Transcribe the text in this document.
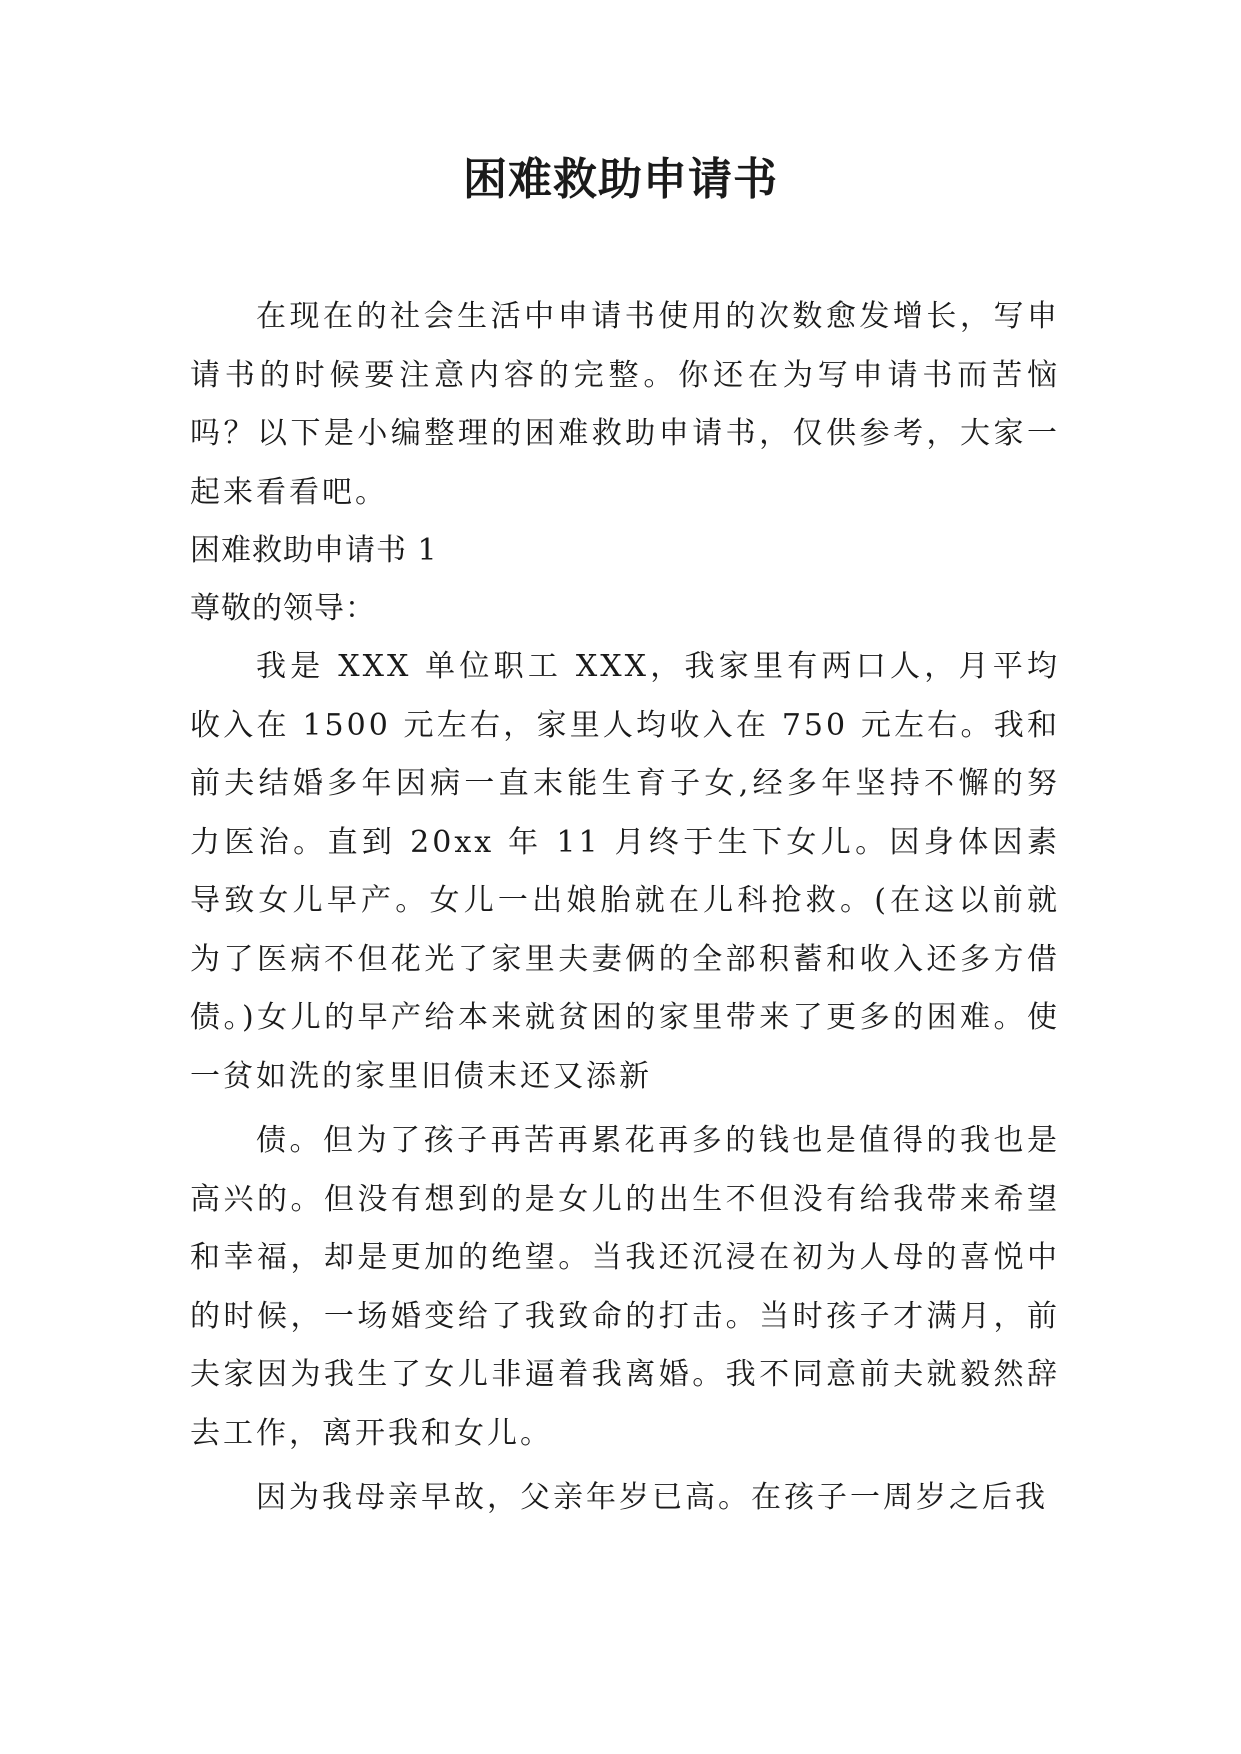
困难救助申请书

在现在的社会生活中申请书使用的次数愈发增长，写申请书的时候要注意内容的完整。你还在为写申请书而苦恼吗？以下是小编整理的困难救助申请书，仅供参考，大家一起来看看吧。

困难救助申请书 1

尊敬的领导：

我是 XXX 单位职工 XXX，我家里有两口人，月平均收入在 1500 元左右，家里人均收入在 750 元左右。我和前夫结婚多年因病一直末能生育子女,经多年坚持不懈的努力医治。直到 20xx 年 11 月终于生下女儿。因身体因素导致女儿早产。女儿一出娘胎就在儿科抢救。(在这以前就为了医病不但花光了家里夫妻俩的全部积蓄和收入还多方借债。)女儿的早产给本来就贫困的家里带来了更多的困难。使一贫如洗的家里旧债末还又添新

债。但为了孩子再苦再累花再多的钱也是值得的我也是高兴的。但没有想到的是女儿的出生不但没有给我带来希望和幸福，却是更加的绝望。当我还沉浸在初为人母的喜悦中的时候，一场婚变给了我致命的打击。当时孩子才满月，前夫家因为我生了女儿非逼着我离婚。我不同意前夫就毅然辞去工作，离开我和女儿。

因为我母亲早故，父亲年岁已高。在孩子一周岁之后我
